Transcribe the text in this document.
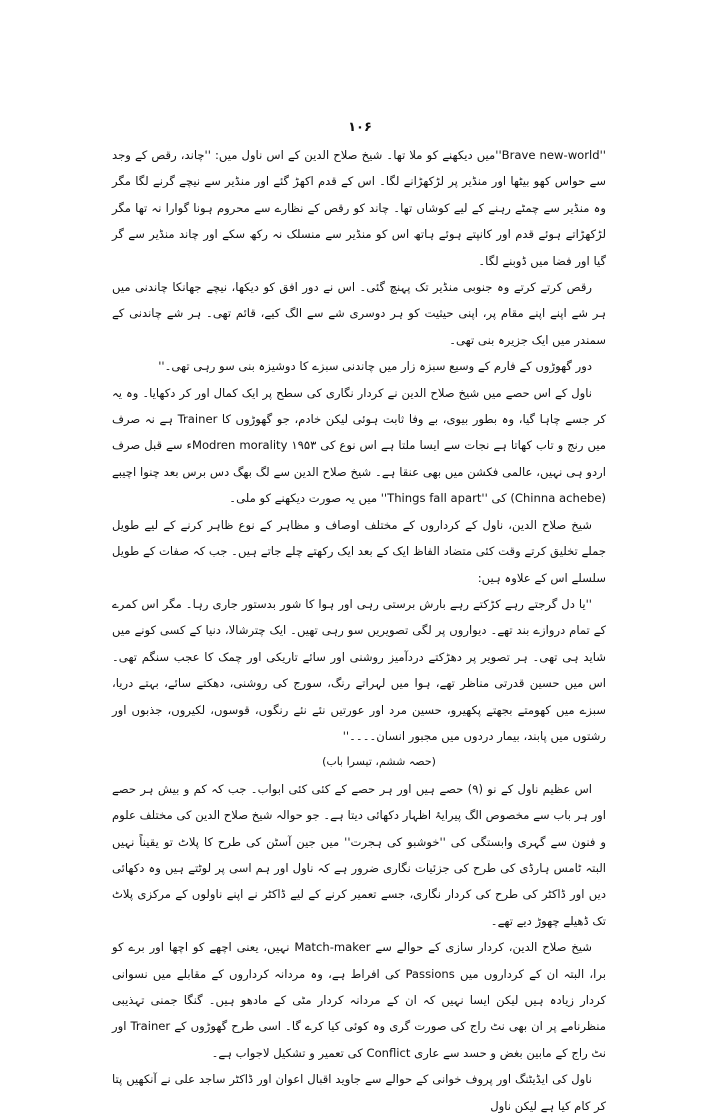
۱۰۶

''Brave new-world''میں دیکھنے کو ملا تھا۔ شیخ صلاح الدین کے اس ناول میں: ''چاند، رقص کے وجد سے حواس کھو بیٹھا اور منڈیر پر لڑکھڑانے لگا۔ اس کے قدم اکھڑ گئے اور منڈیر سے نیچے گرنے لگا مگر وہ منڈیر سے چمٹے رہنے کے لیے کوشاں تھا۔ چاند کو رقص کے نظارے سے محروم ہونا گوارا نہ تھا مگر لڑکھڑاتے ہوئے قدم اور کانپتے ہوئے ہاتھ اس کو منڈیر سے منسلک نہ رکھ سکے اور چاند منڈیر سے گر گیا اور فضا میں ڈوبنے لگا۔

رقص کرتے کرتے وہ جنوبی منڈیر تک پہنچ گئی۔ اس نے دور افق کو دیکھا، نیچے جھانکا چاندنی میں ہر شے اپنے اپنے مقام پر، اپنی حیثیت کو ہر دوسری شے سے الگ کیے، قائم تھی۔ ہر شے چاندنی کے سمندر میں ایک جزیرہ بنی تھی۔

دور گھوڑوں کے فارم کے وسیع سبزہ زار میں چاندنی سبزے کا دوشیزہ بنی سو رہی تھی۔''

ناول کے اس حصے میں شیخ صلاح الدین نے کردار نگاری کی سطح پر ایک کمال اور کر دکھایا۔ وہ یہ کر جسے چاہا گیا، وہ بطور بیوی، بے وفا ثابت ہوئی لیکن خادم، جو گھوڑوں کا Trainer ہے نہ صرف میں رنج و تاب کھاتا ہے نجات سے ایسا ملتا ہے اس نوع کی Modren morality ۱۹۵۳ء سے قبل صرف اردو ہی نہیں، عالمی فکشن میں بھی عنقا ہے۔ شیخ صلاح الدین سے لگ بھگ دس برس بعد چنوا اچیبے (Chinna achebe) کی ''Things fall apart'' میں یہ صورت دیکھنے کو ملی۔

شیخ صلاح الدین، ناول کے کرداروں کے مختلف اوصاف و مظاہر کے نوع ظاہر کرنے کے لیے طویل جملے تخلیق کرتے وقت کئی متضاد الفاظ ایک کے بعد ایک رکھتے چلے جاتے ہیں۔ جب کہ صفات کے طویل سلسلے اس کے علاوہ ہیں:

''یا دل گرجتے رہے کڑکتے رہے بارش برستی رہی اور ہوا کا شور بدستور جاری رہا۔ مگر اس کمرے کے تمام دروازے بند تھے۔ دیواروں پر لگی تصویریں سو رہی تھیں۔ ایک چترشالا، دنیا کے کسی کونے میں شاید ہی تھی۔ ہر تصویر پر دھڑکتے دردآمیز روشنی اور سائے تاریکی اور چمک کا عجب سنگم تھی۔ اس میں حسین قدرتی مناظر تھے، ہوا میں لہراتے رنگ، سورج کی روشنی، دھکتے سائے، بہتے دریا، سبزے میں کھومتے بجھتے پکھیرو، حسین مرد اور عورتیں نئے نئے رنگوں، قوسوں، لکیروں، جذبوں اور رشتوں میں پابند، بیمار دردوں میں مجبور انسان۔۔۔۔''

(حصہ ششم، تیسرا باب)

اس عظیم ناول کے نو (۹) حصے ہیں اور ہر حصے کے کئی کئی ابواب۔ جب کہ کم و بیش ہر حصے اور ہر باب سے مخصوص الگ پیرایۂ اظہار دکھائی دیتا ہے۔ جو حوالہ شیخ صلاح الدین کی مختلف علوم و فنون سے گہری وابستگی کی ''خوشبو کی ہجرت'' میں جین آسٹن کی طرح کا پلاٹ تو یقیناً نہیں البتہ ٹامس ہارڈی کی طرح کی جزئیات نگاری ضرور ہے کہ ناول اور ہم اسی پر لوٹتے ہیں وہ دکھائی دیں اور ڈاکٹر کی طرح کی کردار نگاری، جسے تعمیر کرنے کے لیے ڈاکٹر نے اپنے ناولوں کے مرکزی پلاٹ تک ڈھیلے چھوڑ دیے تھے۔

شیخ صلاح الدین، کردار سازی کے حوالے سے Match-maker نہیں، یعنی اچھے کو اچھا اور برے کو برا، البتہ ان کے کرداروں میں Passions کی افراط ہے، وہ مردانہ کرداروں کے مقابلے میں نسوانی کردار زیادہ ہیں لیکن ایسا نہیں کہ ان کے مردانہ کردار مٹی کے مادھو ہیں۔ گنگا جمنی تہذیبی منظرنامے پر ان بھی نٹ راج کی صورت گری وہ کوئی کیا کرے گا۔ اسی طرح گھوڑوں کے Trainer اور نٹ راج کے مابین بغض و حسد سے عاری Conflict کی تعمیر و تشکیل لاجواب ہے۔

ناول کی ایڈیٹنگ اور پروف خوانی کے حوالے سے جاوید اقبال اعوان اور ڈاکٹر ساجد علی نے آنکھیں پتا کر کام کیا ہے لیکن ناول
